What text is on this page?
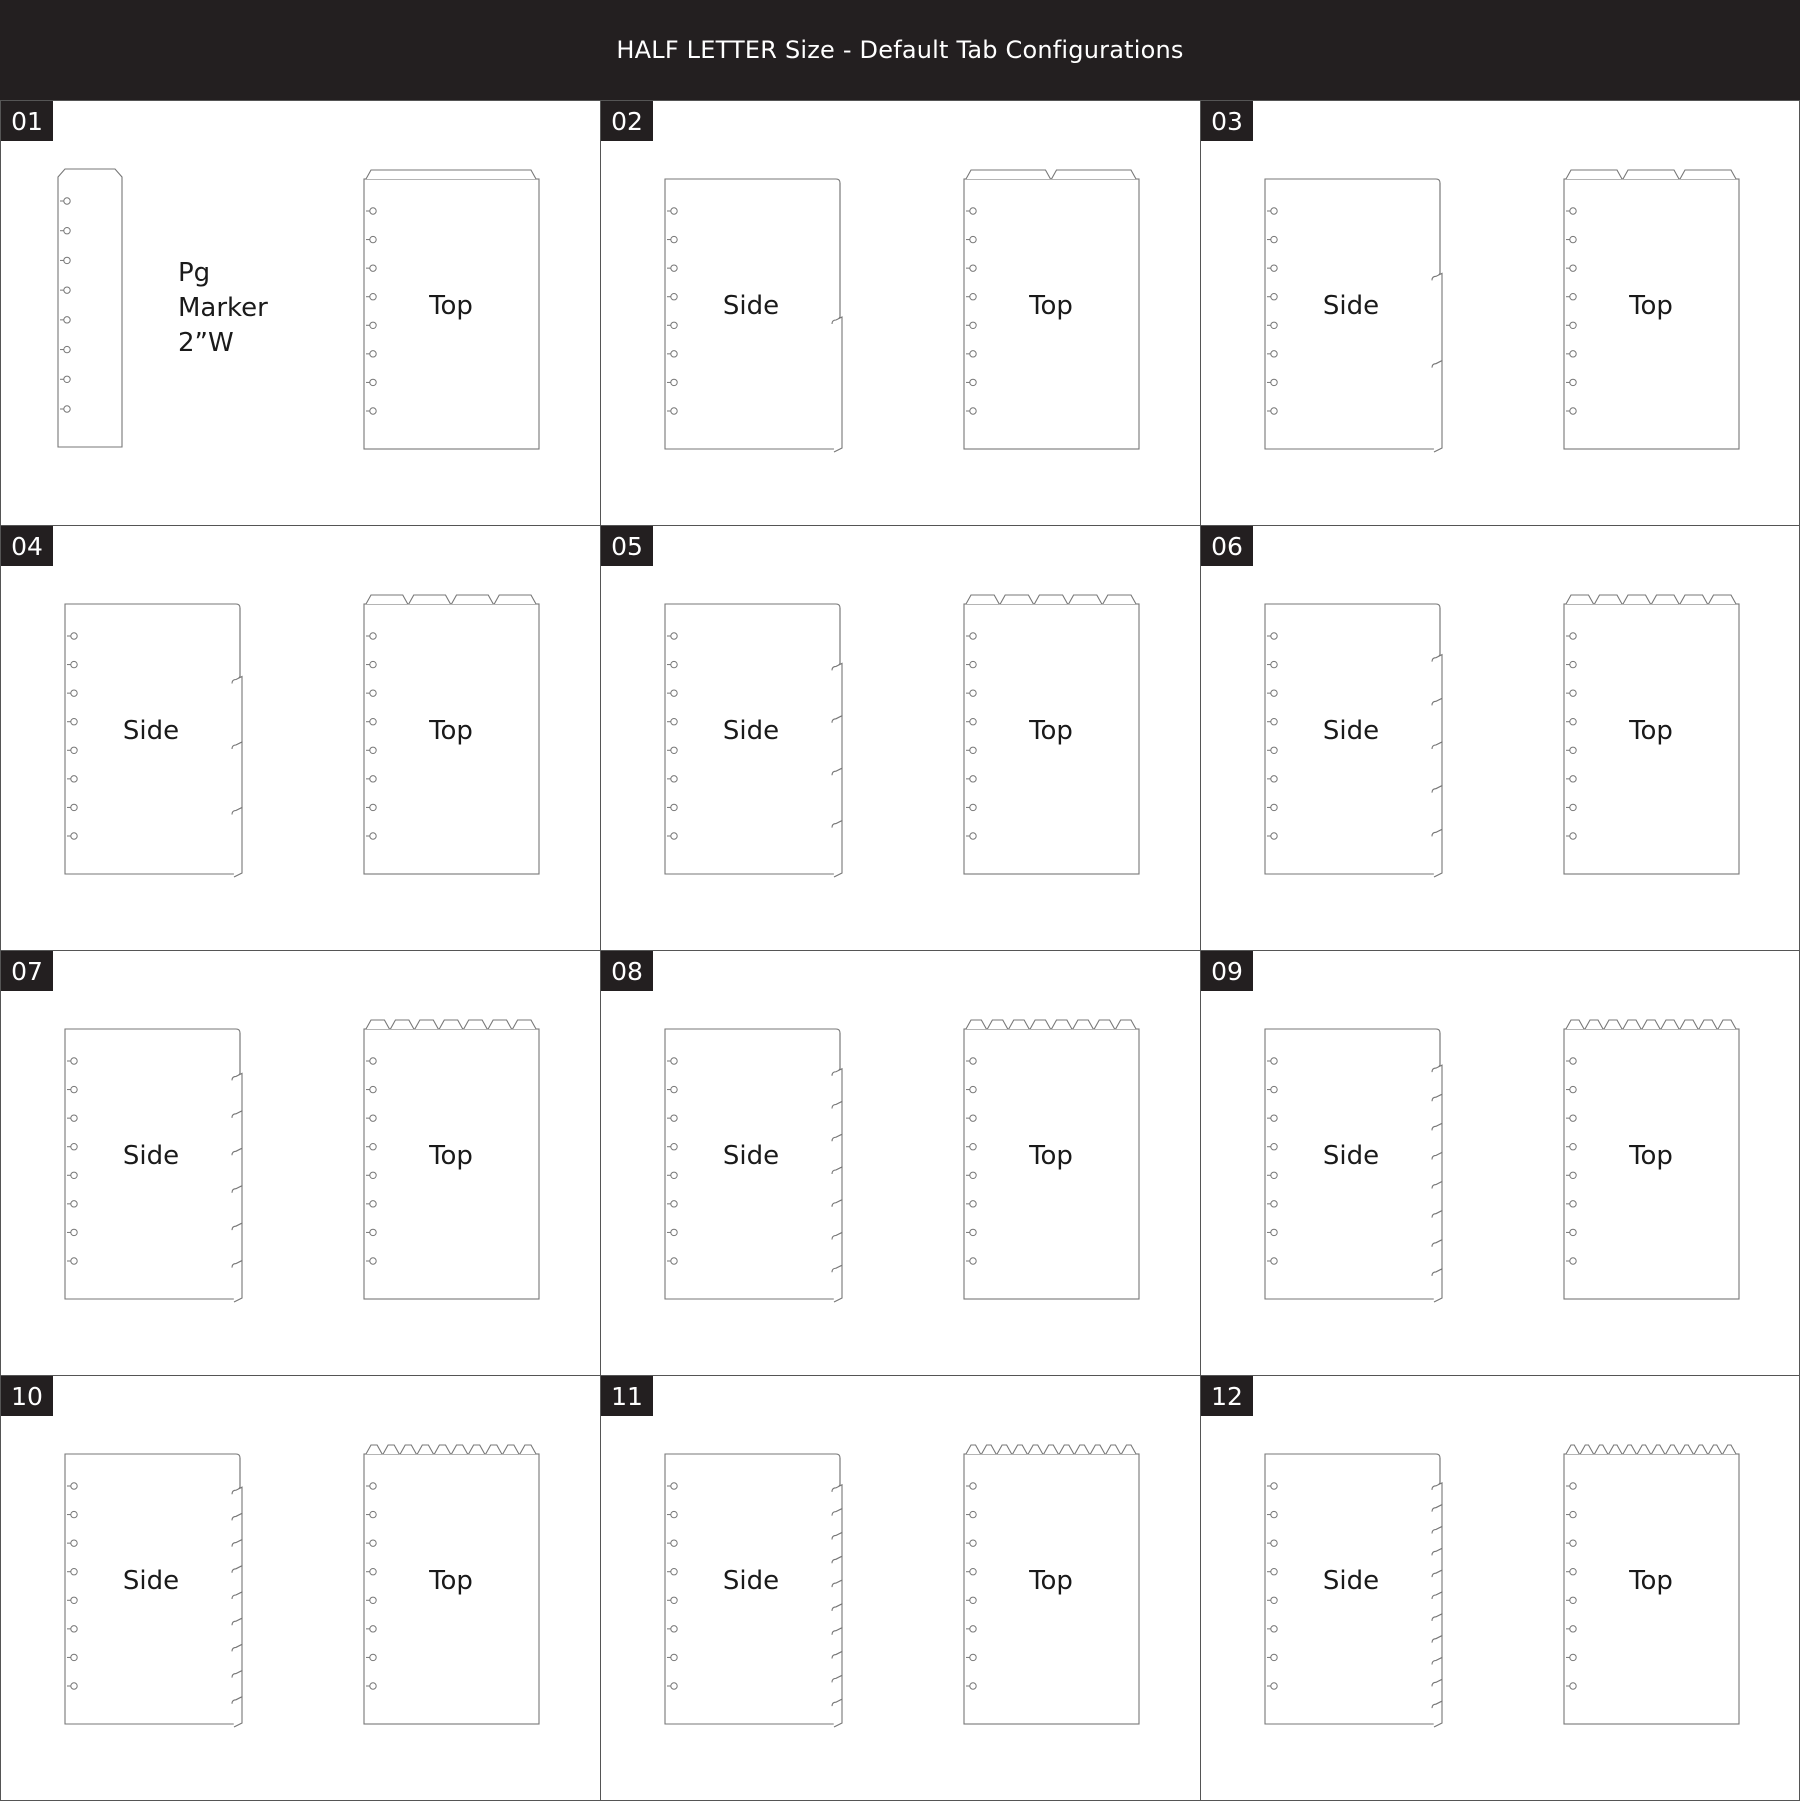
HALF LETTER Size - Default Tab Configurations
01
Pg
Marker
2”W
Top
02
Side	Top
03
Side	Top
04
Side	Top
05
Side	Top
06
Side	Top
07
Side	Top
08
Side	Top
09
Side	Top
10
Side	Top
11
Side	Top
12
Side	Top
